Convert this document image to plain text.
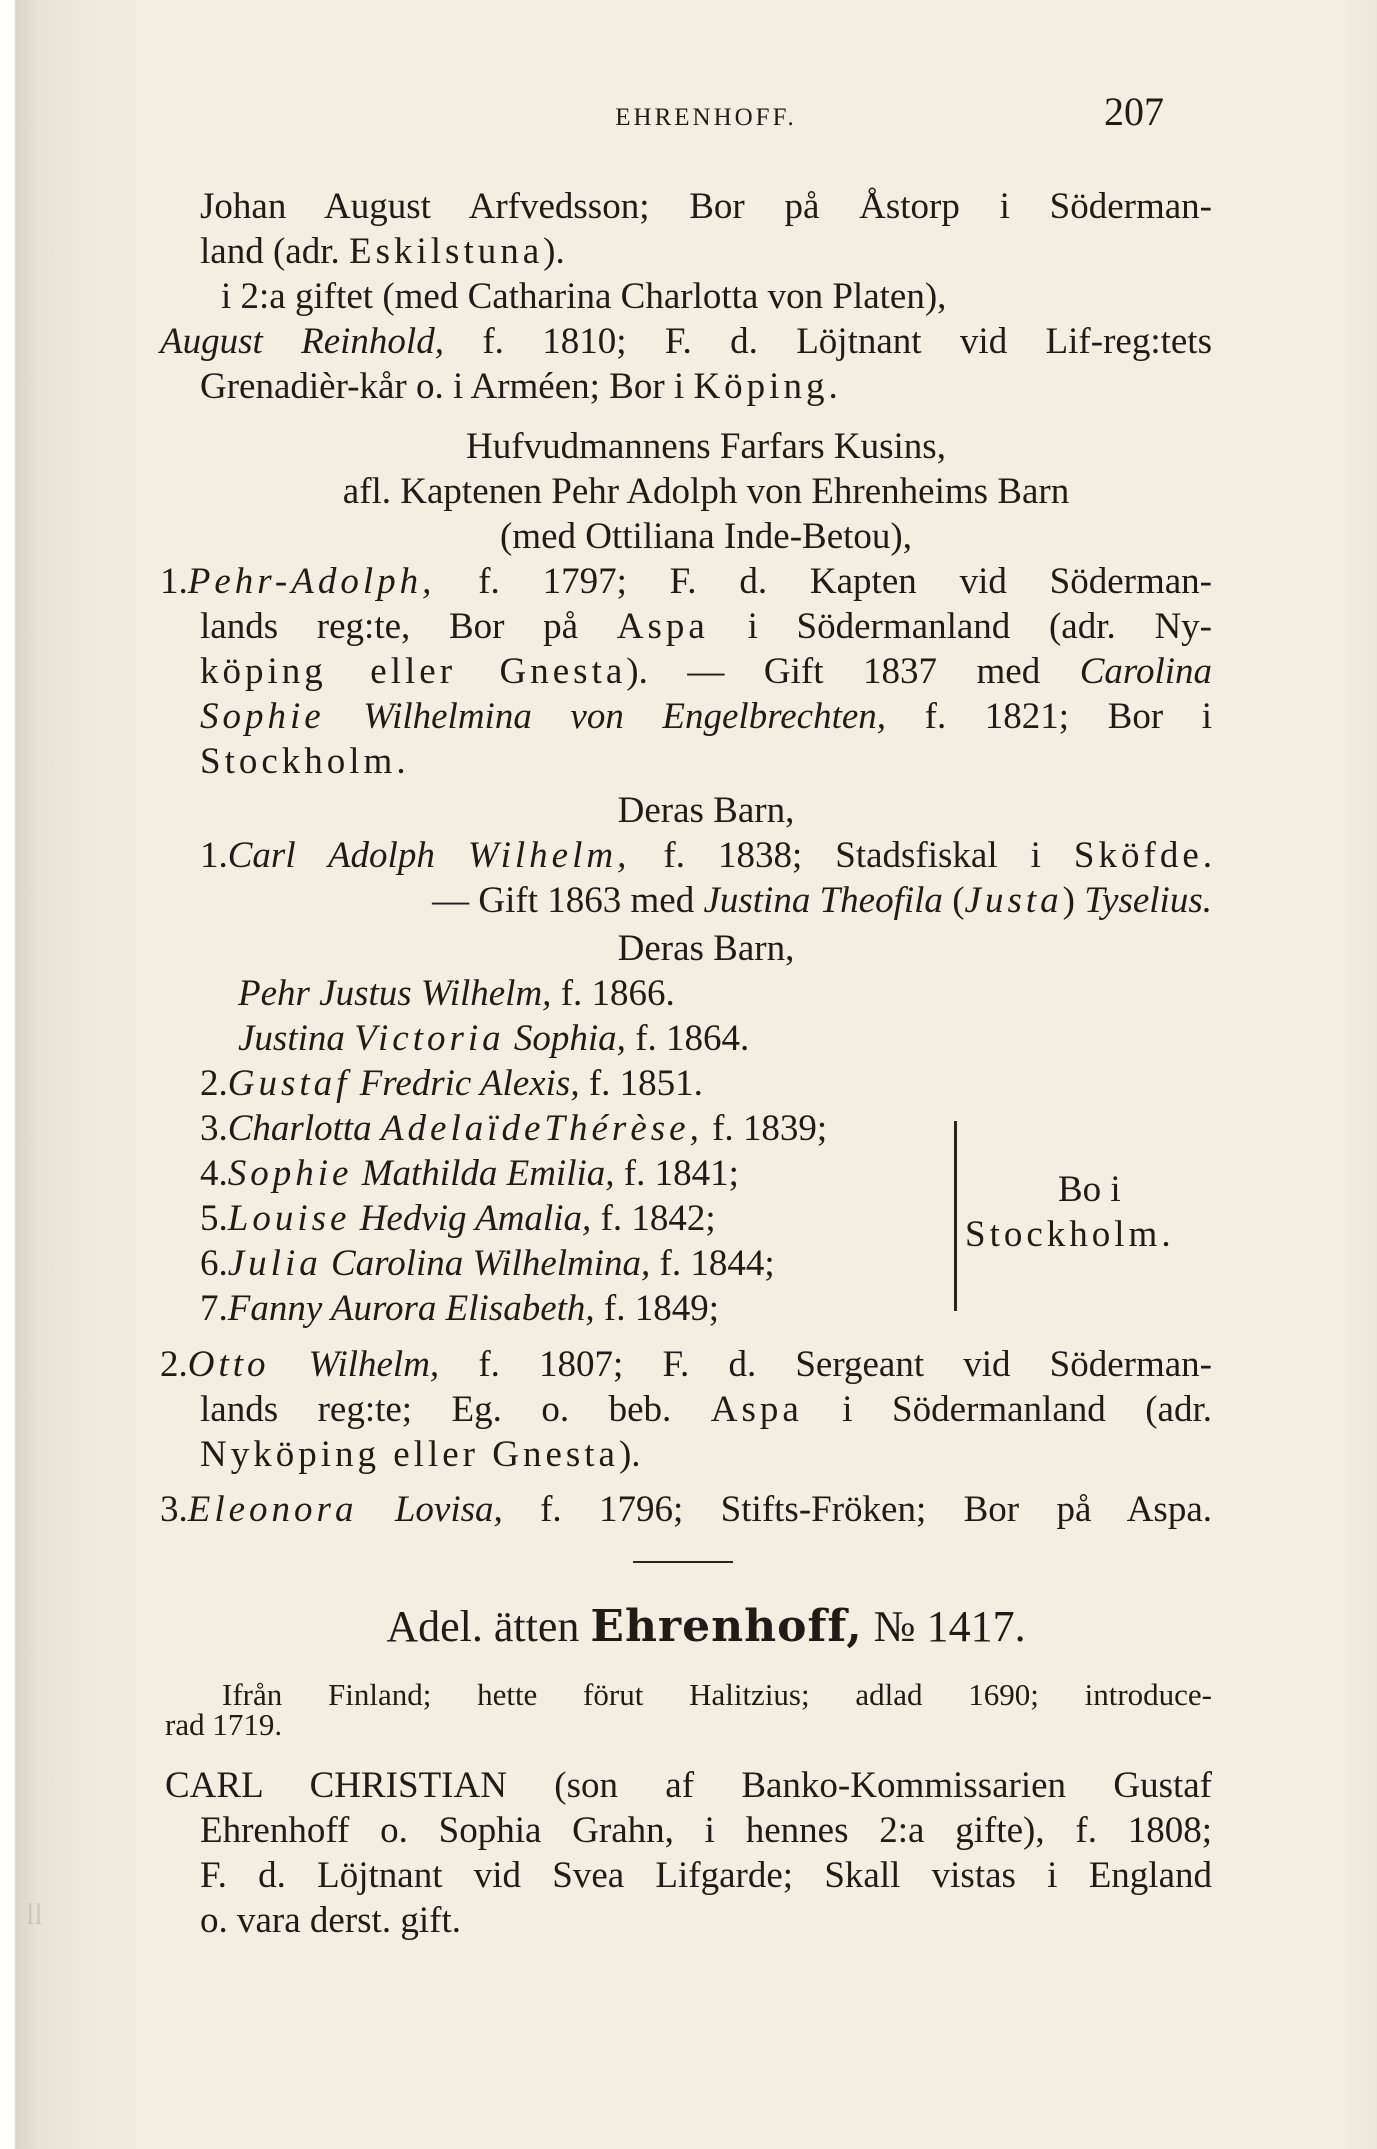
ll
EHRENHOFF.	207
Johan August Arfvedsson; Bor på Åstorp i Söderman-
land (adr. Eskilstuna).
i 2:a giftet (med Catharina Charlotta von Platen),
August Reinhold, f. 1810; F. d. Löjtnant vid Lif-reg:tets
Grenadièr-kår o. i Arméen; Bor i Köping.
Hufvudmannens Farfars Kusins,
afl. Kaptenen Pehr Adolph von Ehrenheims Barn
(med Ottiliana Inde-Betou),
1.Pehr-Adolph, f. 1797; F. d. Kapten vid Söderman-
lands reg:te, Bor på Aspa i Södermanland (adr. Ny-
köping eller Gnesta). — Gift 1837 med Carolina
Sophie Wilhelmina von Engelbrechten, f. 1821; Bor i
Stockholm.
Deras Barn,
1.Carl Adolph Wilhelm, f. 1838; Stadsfiskal i Sköfde.
— Gift 1863 med Justina Theofila (Justa) Tyselius.
Deras Barn,
Pehr Justus Wilhelm, f. 1866.
Justina Victoria Sophia, f. 1864.
2.Gustaf Fredric Alexis, f. 1851.
3.Charlotta AdelaïdeThérèse, f. 1839;
4.Sophie Mathilda Emilia, f. 1841;
5.Louise Hedvig Amalia, f. 1842;
6.Julia Carolina Wilhelmina, f. 1844;
7.Fanny Aurora Elisabeth, f. 1849;
Bo i
Stockholm.
2.Otto Wilhelm, f. 1807; F. d. Sergeant vid Söderman-
lands reg:te; Eg. o. beb. Aspa i Södermanland (adr.
Nyköping eller Gnesta).
3.Eleonora Lovisa, f. 1796; Stifts-Fröken; Bor på Aspa.
Adel. ätten Ehrenhoff, № 1417.
Ifrån Finland; hette förut Halitzius; adlad 1690; introduce-
rad 1719.
CARL CHRISTIAN (son af Banko-Kommissarien Gustaf
Ehrenhoff o. Sophia Grahn, i hennes 2:a gifte), f. 1808;
F. d. Löjtnant vid Svea Lifgarde; Skall vistas i England
o. vara derst. gift.
